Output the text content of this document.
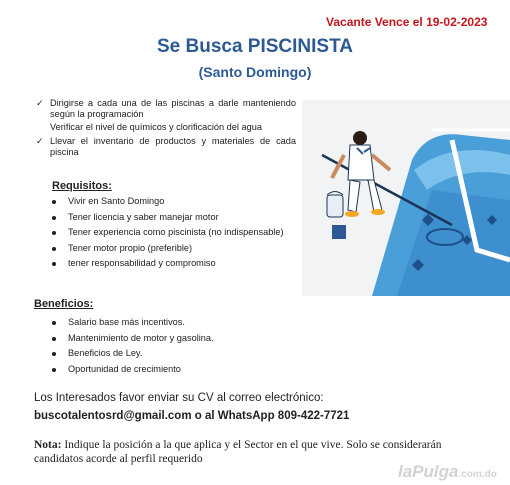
Vacante Vence el 19-02-2023
Se Busca PISCINISTA
(Santo Domingo)
✓ Dirigirse a cada una de las piscinas a darle manteniendo según la programación
Verificar el nivel de químicos y clorificación del agua
✓ Llevar el inventario de productos y materiales de cada piscina
Requisitos:
Vivir en Santo Domingo
Tener licencia y saber manejar motor
Tener experiencia como piscinista (no indispensable)
Tener motor propio (preferible)
tener responsabilidad y compromiso
Beneficios:
Salario base más incentivos.
Mantenimiento de motor y gasolina.
Beneficios de Ley.
Oportunidad de crecimiento
Los Interesados favor enviar su CV al correo electrónico:
buscotalentosrd@gmail.com o al WhatsApp 809-422-7721
Nota: Indique la posición a la que aplica y el Sector en el que vive. Solo se considerarán candidatos acorde al perfil requerido
laPulga.com.do
